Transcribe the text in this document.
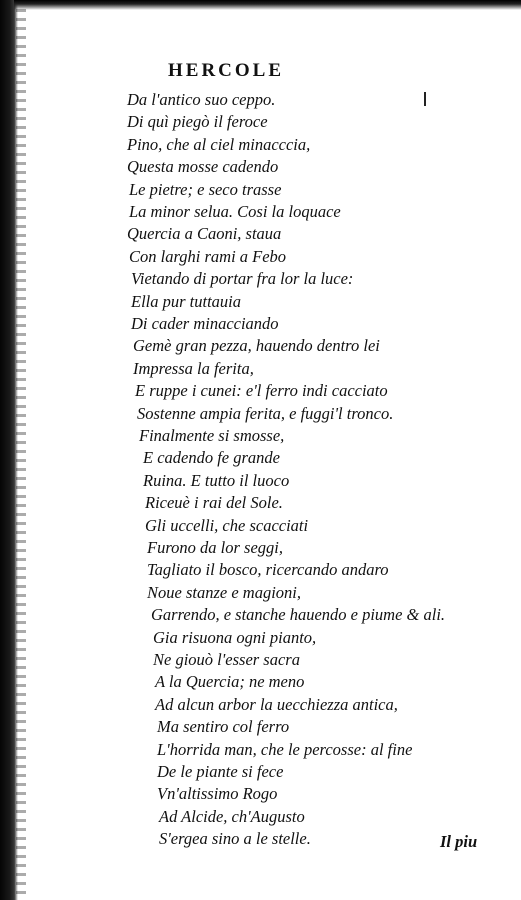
HERCOLE
Da l'antico suo ceppo.
Di quì piegò il feroce
Pino, che al ciel minacccia,
Questa mosse cadendo
Le pietre; e seco trasse
La minor selua. Cosi la loquace
Quercia a Caoni, staua
Con larghi rami a Febo
Vietando di portar fra lor la luce:
Ella pur tuttauia
Di cader minacciando
Gemè gran pezza, hauendo dentro lei
Impressa la ferita,
E ruppe i cunei: e'l ferro indi cacciato
Sostenne ampia ferita, e fuggi'l tronco.
Finalmente si smosse,
E cadendo fe grande
Ruina. E tutto il luoco
Riceuè i rai del Sole.
Gli uccelli, che scacciati
Furono da lor seggi,
Tagliato il bosco, ricercando andaro
Noue stanze e magioni,
Garrendo, e stanche hauendo e piume & ali.
Gia risuona ogni pianto,
Ne giouò l'esser sacra
A la Quercia; ne meno
Ad alcun arbor la uecchiezza antica,
Ma sentiro col ferro
L'horrida man, che le percosse: al fine
De le piante si fece
Vn'altissimo Rogo
Ad Alcide, ch'Augusto
S'ergea sino a le stelle.	Il piu
